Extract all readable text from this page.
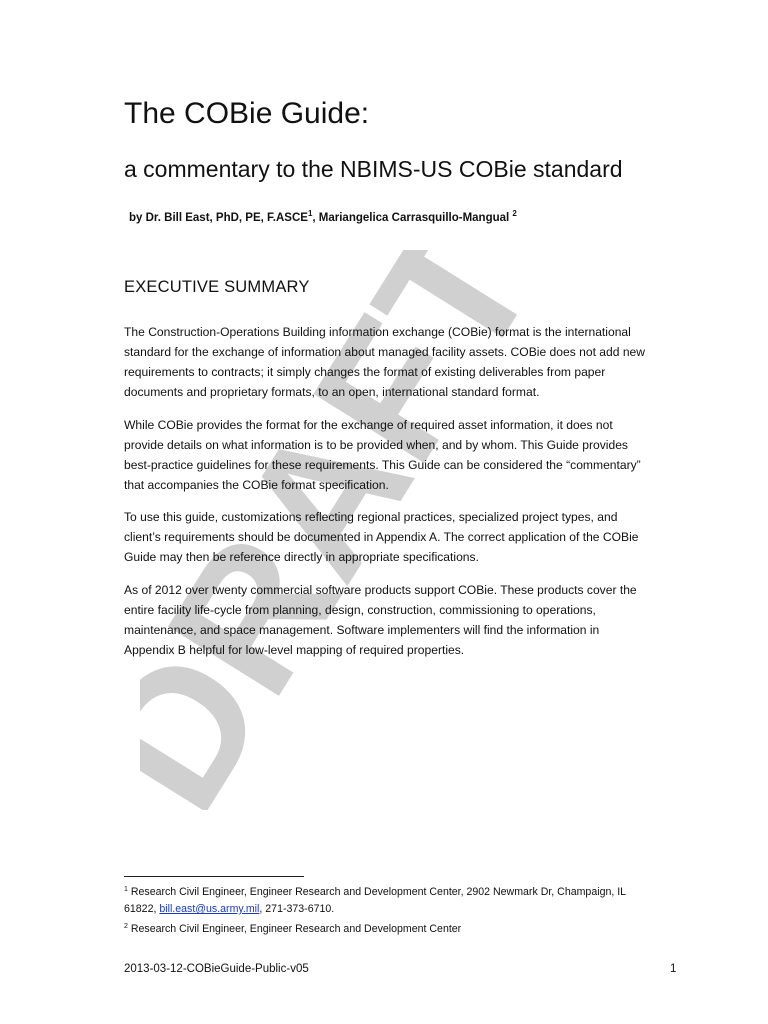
DRAFT
The COBie Guide:
a commentary to the NBIMS-US COBie standard
by Dr. Bill East, PhD, PE, F.ASCE$^1$, Mariangelica Carrasquillo-Mangual $^2$
EXECUTIVE SUMMARY

The Construction-Operations Building information exchange (COBie) format is the international
standard for the exchange of information about managed facility assets. COBie does not add new
requirements to contracts; it simply changes the format of existing deliverables from paper
documents and proprietary formats, to an open, international standard format.

While COBie provides the format for the exchange of required asset information, it does not
provide details on what information is to be provided when, and by whom. This Guide provides
best-practice guidelines for these requirements. This Guide can be considered the “commentary”
that accompanies the COBie format specification.

To use this guide, customizations reflecting regional practices, specialized project types, and
client’s requirements should be documented in Appendix A. The correct application of the COBie
Guide may then be reference directly in appropriate specifications.

As of 2012 over twenty commercial software products support COBie. These products cover the
entire facility life-cycle from planning, design, construction, commissioning to operations,
maintenance, and space management. Software implementers will find the information in
Appendix B helpful for low-level mapping of required properties.

$^1$ Research Civil Engineer, Engineer Research and Development Center, 2902 Newmark Dr, Champaign, IL
61822, bill.east@us.army.mil, 271-373-6710.
$^2$ Research Civil Engineer, Engineer Research and Development Center
2013-03-12-COBieGuide-Public-v05	1
